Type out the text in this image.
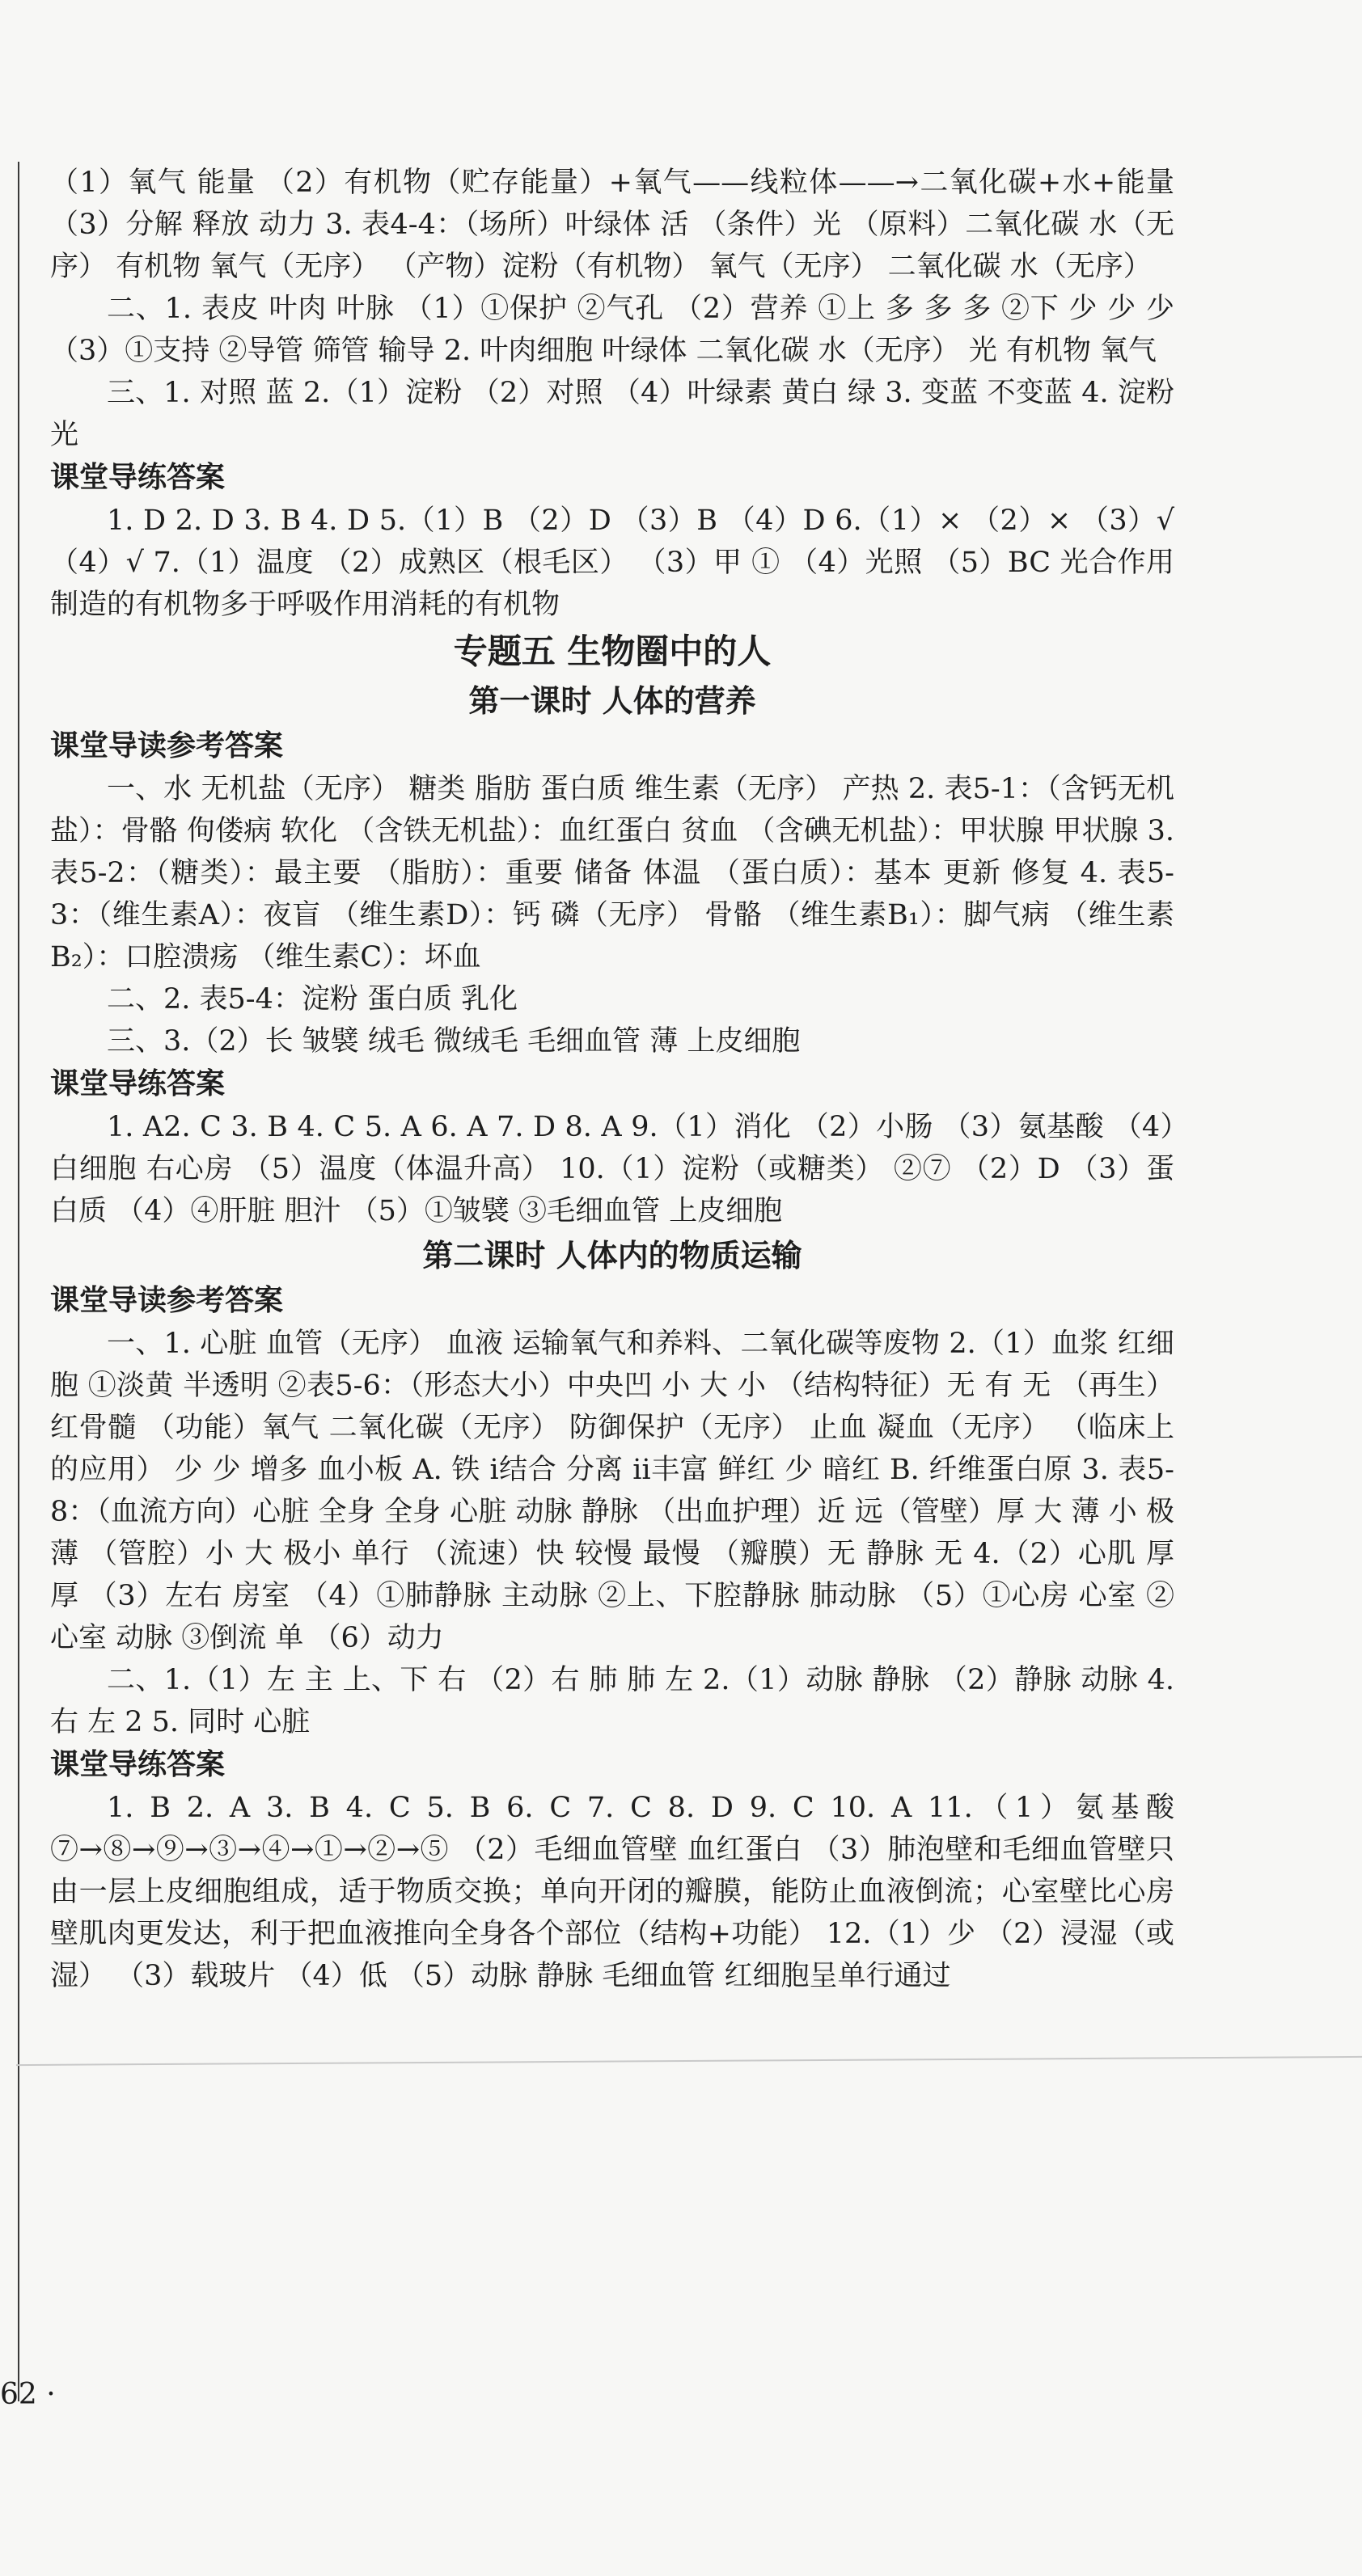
（1）氧气 能量 （2）有机物（贮存能量）+氧气——线粒体——→二氧化碳+水+能量 （3）分解 释放 动力 3. 表4-4：（场所）叶绿体 活 （条件）光 （原料）二氧化碳 水（无序） 有机物 氧气（无序） （产物）淀粉（有机物） 氧气（无序） 二氧化碳 水（无序）

二、1. 表皮 叶肉 叶脉 （1）①保护 ②气孔 （2）营养 ①上 多 多 多 ②下 少 少 少 （3）①支持 ②导管 筛管 输导 2. 叶肉细胞 叶绿体 二氧化碳 水（无序） 光 有机物 氧气

三、1. 对照 蓝 2.（1）淀粉 （2）对照 （4）叶绿素 黄白 绿 3. 变蓝 不变蓝 4. 淀粉 光

课堂导练答案

1. D 2. D 3. B 4. D 5.（1）B （2）D （3）B （4）D 6.（1）× （2）× （3）√ （4）√ 7.（1）温度 （2）成熟区（根毛区） （3）甲 ① （4）光照 （5）BC 光合作用制造的有机物多于呼吸作用消耗的有机物

专题五 生物圈中的人
第一课时 人体的营养
课堂导读参考答案

一、水 无机盐（无序） 糖类 脂肪 蛋白质 维生素（无序） 产热 2. 表5-1：（含钙无机盐）：骨骼 佝偻病 软化 （含铁无机盐）：血红蛋白 贫血 （含碘无机盐）：甲状腺 甲状腺 3. 表5-2：（糖类）：最主要 （脂肪）：重要 储备 体温 （蛋白质）：基本 更新 修复 4. 表5-3：（维生素A）：夜盲 （维生素D）：钙 磷（无序） 骨骼 （维生素B₁）：脚气病 （维生素B₂）：口腔溃疡 （维生素C）：坏血

二、2. 表5-4：淀粉 蛋白质 乳化

三、3.（2）长 皱襞 绒毛 微绒毛 毛细血管 薄 上皮细胞

课堂导练答案

1. A2. C 3. B 4. C 5. A 6. A 7. D 8. A 9.（1）消化 （2）小肠 （3）氨基酸 （4）白细胞 右心房 （5）温度（体温升高） 10.（1）淀粉（或糖类） ②⑦ （2）D （3）蛋白质 （4）④肝脏 胆汁 （5）①皱襞 ③毛细血管 上皮细胞

第二课时 人体内的物质运输
课堂导读参考答案

一、1. 心脏 血管（无序） 血液 运输氧气和养料、二氧化碳等废物 2.（1）血浆 红细胞 ①淡黄 半透明 ②表5-6：（形态大小）中央凹 小 大 小 （结构特征）无 有 无 （再生）红骨髓 （功能）氧气 二氧化碳（无序） 防御保护（无序） 止血 凝血（无序） （临床上的应用） 少 少 增多 血小板 A. 铁 ⅰ结合 分离 ⅱ丰富 鲜红 少 暗红 B. 纤维蛋白原 3. 表5-8：（血流方向）心脏 全身 全身 心脏 动脉 静脉 （出血护理）近 远（管壁）厚 大 薄 小 极薄 （管腔）小 大 极小 单行 （流速）快 较慢 最慢 （瓣膜）无 静脉 无 4.（2）心肌 厚 厚 （3）左右 房室 （4）①肺静脉 主动脉 ②上、下腔静脉 肺动脉 （5）①心房 心室 ②心室 动脉 ③倒流 单 （6）动力

二、1.（1）左 主 上、下 右 （2）右 肺 肺 左 2.（1）动脉 静脉 （2）静脉 动脉 4. 右 左 2 5. 同时 心脏

课堂导练答案

1. B 2. A 3. B 4. C 5. B 6. C 7. C 8. D 9. C 10. A 11.（1）氨基酸 ⑦→⑧→⑨→③→④→①→②→⑤ （2）毛细血管壁 血红蛋白 （3）肺泡壁和毛细血管壁只由一层上皮细胞组成，适于物质交换；单向开闭的瓣膜，能防止血液倒流；心室壁比心房壁肌肉更发达，利于把血液推向全身各个部位（结构+功能） 12.（1）少 （2）浸湿（或湿） （3）载玻片 （4）低 （5）动脉 静脉 毛细血管 红细胞呈单行通过

62 ·
